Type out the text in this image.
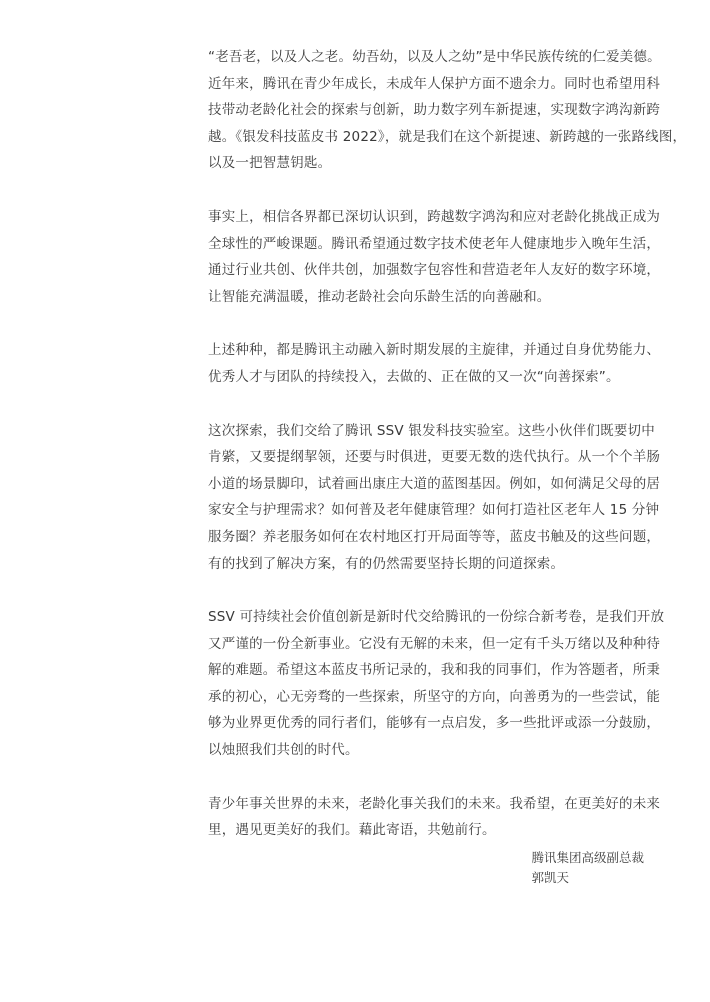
“老吾老，以及人之老。幼吾幼，以及人之幼”是中华民族传统的仁爱美德。
近年来，腾讯在青少年成长，未成年人保护方面不遗余力。同时也希望用科
技带动老龄化社会的探索与创新，助力数字列车新提速，实现数字鸿沟新跨
越。《银发科技蓝皮书 2022》，就是我们在这个新提速、新跨越的一张路线图，
以及一把智慧钥匙。

事实上，相信各界都已深切认识到，跨越数字鸿沟和应对老龄化挑战正成为
全球性的严峻课题。腾讯希望通过数字技术使老年人健康地步入晚年生活，
通过行业共创、伙伴共创，加强数字包容性和营造老年人友好的数字环境，
让智能充满温暖，推动老龄社会向乐龄生活的向善融和。

上述种种，都是腾讯主动融入新时期发展的主旋律，并通过自身优势能力、
优秀人才与团队的持续投入，去做的、正在做的又一次“向善探索”。

这次探索，我们交给了腾讯 SSV 银发科技实验室。这些小伙伴们既要切中
肯綮，又要提纲挈领，还要与时俱进，更要无数的迭代执行。从一个个羊肠
小道的场景脚印，试着画出康庄大道的蓝图基因。例如，如何满足父母的居
家安全与护理需求？如何普及老年健康管理？如何打造社区老年人 15 分钟
服务圈？养老服务如何在农村地区打开局面等等，蓝皮书触及的这些问题，
有的找到了解决方案，有的仍然需要坚持长期的问道探索。

SSV 可持续社会价值创新是新时代交给腾讯的一份综合新考卷，是我们开放
又严谨的一份全新事业。它没有无解的未来，但一定有千头万绪以及种种待
解的难题。希望这本蓝皮书所记录的，我和我的同事们，作为答题者，所秉
承的初心，心无旁骛的一些探索，所坚守的方向，向善勇为的一些尝试，能
够为业界更优秀的同行者们，能够有一点启发，多一些批评或添一分鼓励，
以烛照我们共创的时代。

青少年事关世界的未来，老龄化事关我们的未来。我希望，在更美好的未来
里，遇见更美好的我们。藉此寄语，共勉前行。

腾讯集团高级副总裁
郭凯天
